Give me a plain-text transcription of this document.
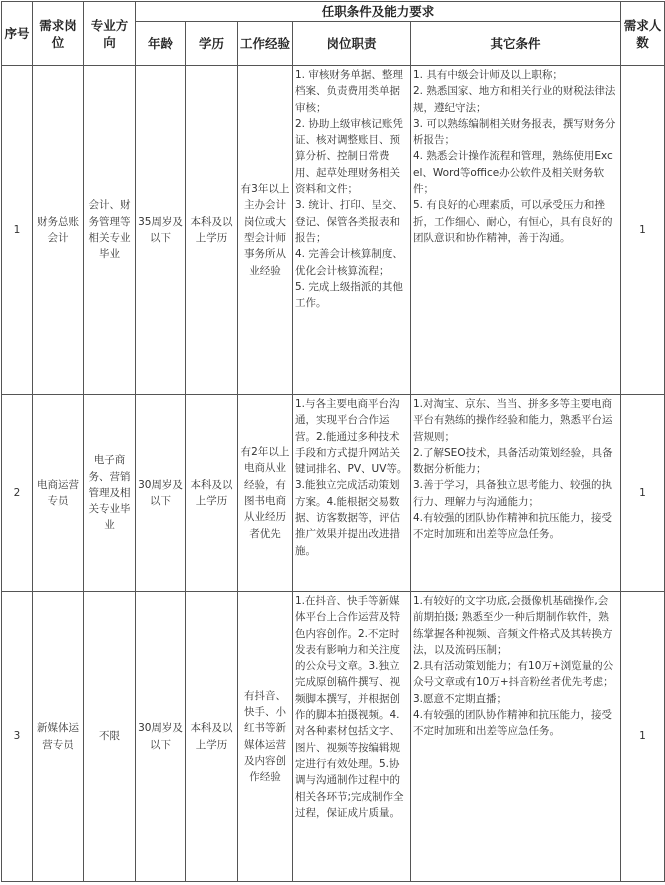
序号	需求岗位	专业方向	任职条件及能力要求					需求人数
			年龄	学历	工作经验	岗位职责	其它条件	
1	财务总账会计	会计、财务管理等相关专业毕业	35周岁及以下	本科及以上学历	有3年以上主办会计岗位或大型会计师事务所从业经验	1. 审核财务单据、整理档案、负责费用类单据审核；
2. 协助上级审核记账凭证、核对调整账目、预算分析、控制日常费用、起草处理财务相关资料和文件；
3. 统计、打印、呈交、登记、保管各类报表和报告；
4. 完善会计核算制度、优化会计核算流程；
5. 完成上级指派的其他工作。	1. 具有中级会计师及以上职称；
2. 熟悉国家、地方和相关行业的财税法律法规，遵纪守法；
3. 可以熟练编制相关财务报表，撰写财务分析报告；
4. 熟悉会计操作流程和管理，熟练使用Excel、Word等office办公软件及相关财务软件；
5. 有良好的心理素质，可以承受压力和挫折，工作细心、耐心，有恒心，具有良好的团队意识和协作精神，善于沟通。	1
2	电商运营专员	电子商务、营销管理及相关专业毕业	30周岁及以下	本科及以上学历	有2年以上电商从业经验，有图书电商从业经历者优先	1.与各主要电商平台沟通，实现平台合作运营。2.能通过多种技术手段和方式提升网站关键词排名、PV、UV等。3.能独立完成活动策划方案。4.能根据交易数据、访客数据等，评估推广效果并提出改进措施。	1.对淘宝、京东、当当、拼多多等主要电商平台有熟练的操作经验和能力，熟悉平台运营规则；
2.了解SEO技术，具备活动策划经验，具备数据分析能力；
3.善于学习，具备独立思考能力、较强的执行力、理解力与沟通能力；
4.有较强的团队协作精神和抗压能力，接受不定时加班和出差等应急任务。	1
3	新媒体运营专员	不限	30周岁及以下	本科及以上学历	有抖音、快手、小红书等新媒体运营及内容创作经验	1.在抖音、快手等新媒体平台上合作运营及特色内容创作。2.不定时发表有影响力和关注度的公众号文章。3.独立完成原创稿件撰写、视频脚本撰写，并根据创作的脚本拍摄视频。4.对各种素材包括文字、图片、视频等按编辑规定进行有效处理。5.协调与沟通制作过程中的相关各环节;完成制作全过程，保证成片质量。	1.有较好的文字功底,会摄像机基础操作,会前期拍摄; 熟悉至少一种后期制作软件，熟练掌握各种视频、音频文件格式及其转换方法，以及流码压制；
2.具有活动策划能力；有10万+浏览量的公众号文章或有10万+抖音粉丝者优先考虑；
3.愿意不定期直播；
4.有较强的团队协作精神和抗压能力，接受不定时加班和出差等应急任务。	1
